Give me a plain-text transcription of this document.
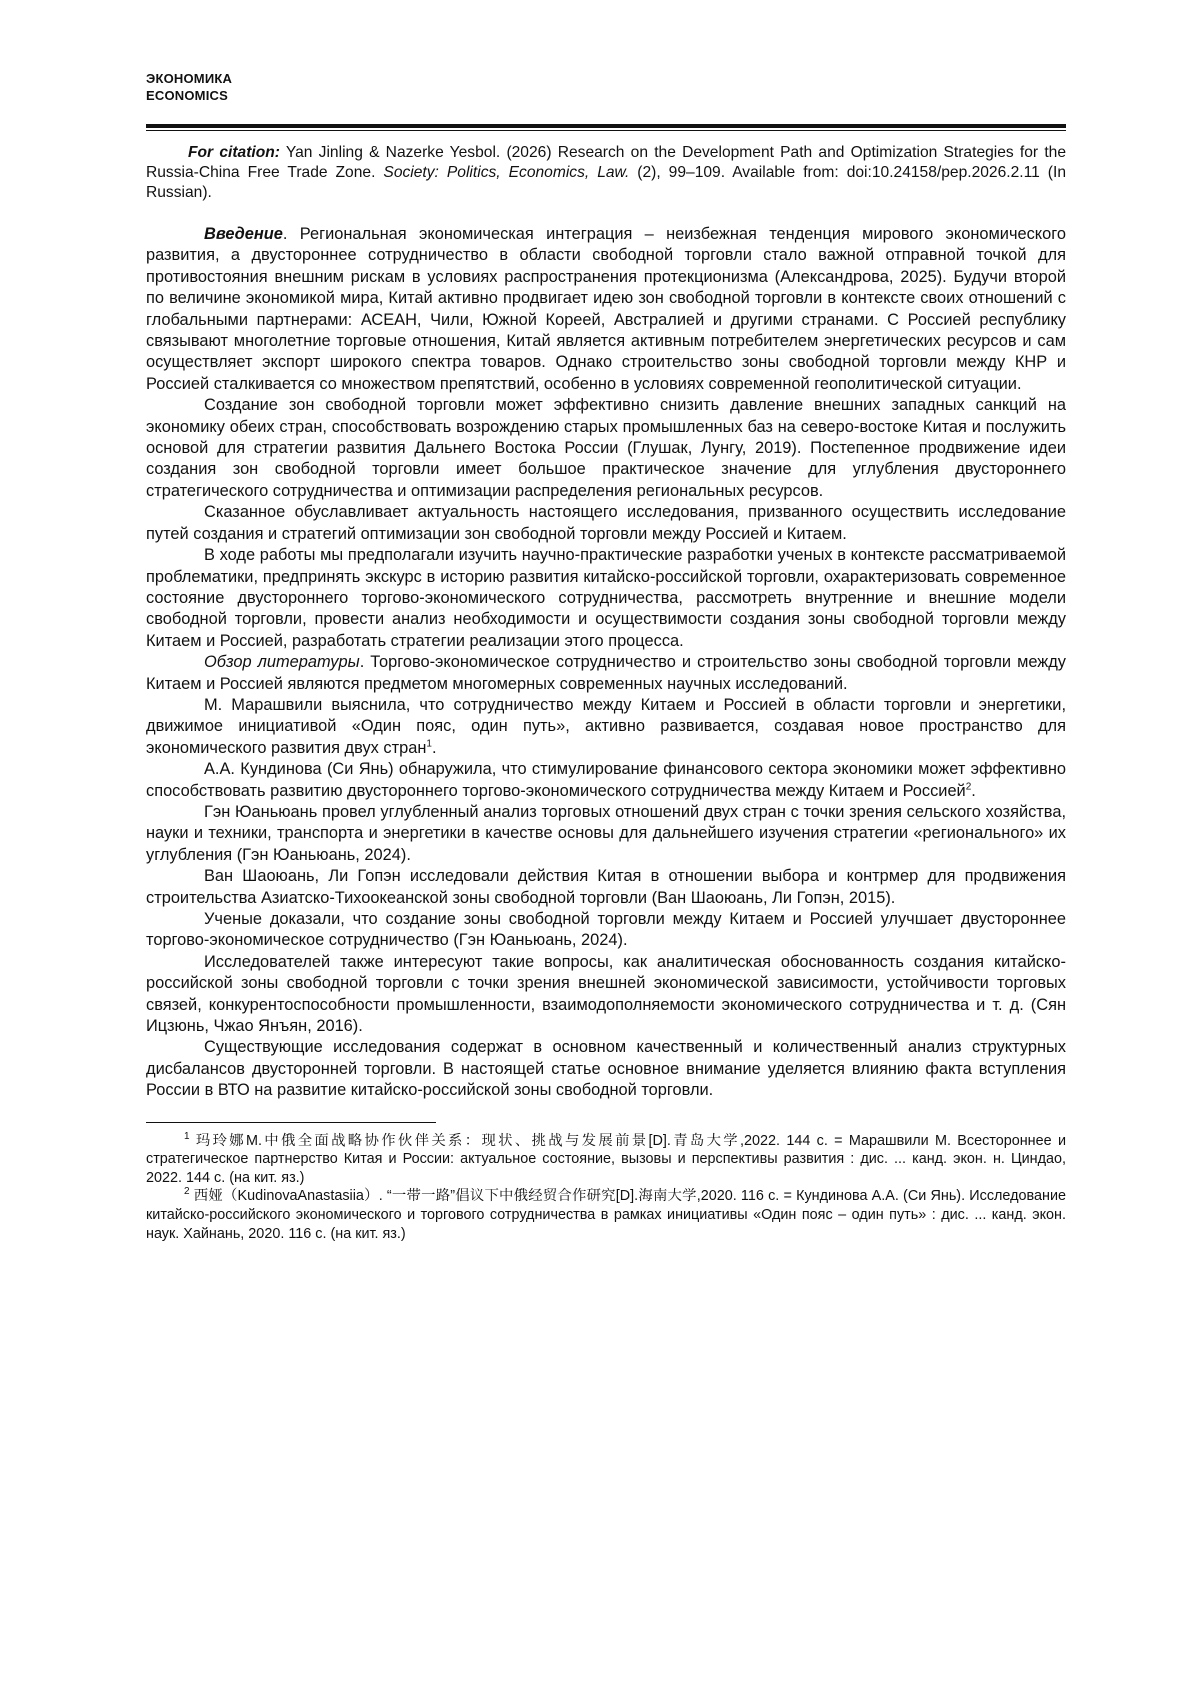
ЭКОНОМИКА
ECONOMICS

For citation: Yan Jinling & Nazerke Yesbol. (2026) Research on the Development Path and Optimization Strategies for the Russia-China Free Trade Zone. Society: Politics, Economics, Law. (2), 99–109. Available from: doi:10.24158/pep.2026.2.11 (In Russian).

Введение. Региональная экономическая интеграция – неизбежная тенденция мирового экономического развития, а двустороннее сотрудничество в области свободной торговли стало важной отправной точкой для противостояния внешним рискам в условиях распространения протекционизма (Александрова, 2025). Будучи второй по величине экономикой мира, Китай активно продвигает идею зон свободной торговли в контексте своих отношений с глобальными партнерами: АСЕАН, Чили, Южной Кореей, Австралией и другими странами. С Россией республику связывают многолетние торговые отношения, Китай является активным потребителем энергетических ресурсов и сам осуществляет экспорт широкого спектра товаров. Однако строительство зоны свободной торговли между КНР и Россией сталкивается со множеством препятствий, особенно в условиях современной геополитической ситуации.

Создание зон свободной торговли может эффективно снизить давление внешних западных санкций на экономику обеих стран, способствовать возрождению старых промышленных баз на северо-востоке Китая и послужить основой для стратегии развития Дальнего Востока России (Глушак, Лунгу, 2019). Постепенное продвижение идеи создания зон свободной торговли имеет большое практическое значение для углубления двустороннего стратегического сотрудничества и оптимизации распределения региональных ресурсов.

Сказанное обуславливает актуальность настоящего исследования, призванного осуществить исследование путей создания и стратегий оптимизации зон свободной торговли между Россией и Китаем.

В ходе работы мы предполагали изучить научно-практические разработки ученых в контексте рассматриваемой проблематики, предпринять экскурс в историю развития китайско-российской торговли, охарактеризовать современное состояние двустороннего торгово-экономического сотрудничества, рассмотреть внутренние и внешние модели свободной торговли, провести анализ необходимости и осуществимости создания зоны свободной торговли между Китаем и Россией, разработать стратегии реализации этого процесса.

Обзор литературы. Торгово-экономическое сотрудничество и строительство зоны свободной торговли между Китаем и Россией являются предметом многомерных современных научных исследований.

М. Марашвили выяснила, что сотрудничество между Китаем и Россией в области торговли и энергетики, движимое инициативой «Один пояс, один путь», активно развивается, создавая новое пространство для экономического развития двух стран$^1$.

А.А. Кундинова (Си Янь) обнаружила, что стимулирование финансового сектора экономики может эффективно способствовать развитию двустороннего торгово-экономического сотрудничества между Китаем и Россией$^2$.

Гэн Юаньюань провел углубленный анализ торговых отношений двух стран с точки зрения сельского хозяйства, науки и техники, транспорта и энергетики в качестве основы для дальнейшего изучения стратегии «регионального» их углубления (Гэн Юаньюань, 2024).

Ван Шаоюань, Ли Гопэн исследовали действия Китая в отношении выбора и контрмер для продвижения строительства Азиатско-Тихоокеанской зоны свободной торговли (Ван Шаоюань, Ли Гопэн, 2015).

Ученые доказали, что создание зоны свободной торговли между Китаем и Россией улучшает двустороннее торгово-экономическое сотрудничество (Гэн Юаньюань, 2024).

Исследователей также интересуют такие вопросы, как аналитическая обоснованность создания китайско-российской зоны свободной торговли с точки зрения внешней экономической зависимости, устойчивости торговых связей, конкурентоспособности промышленности, взаимодополняемости экономического сотрудничества и т. д. (Сян Ицзюнь, Чжао Янъян, 2016).

Существующие исследования содержат в основном качественный и количественный анализ структурных дисбалансов двусторонней торговли. В настоящей статье основное внимание уделяется влиянию факта вступления России в ВТО на развитие китайско-российской зоны свободной торговли.

$^1$ 玛玲娜M.中俄全面战略协作伙伴关系：现状、挑战与发展前景[D].青岛大学,2022. 144 с. = Марашвили М. Всестороннее и стратегическое партнерство Китая и России: актуальное состояние, вызовы и перспективы развития : дис. ... канд. экон. н. Циндао, 2022. 144 с. (на кит. яз.)

$^2$ 西娅（KudinovaAnastasiia）. “一带一路”倡议下中俄经贸合作研究[D].海南大学,2020. 116 с. = Кундинова А.А. (Си Янь). Исследование китайско-российского экономического и торгового сотрудничества в рамках инициативы «Один пояс – один путь» : дис. ... канд. экон. наук. Хайнань, 2020. 116 с. (на кит. яз.)
